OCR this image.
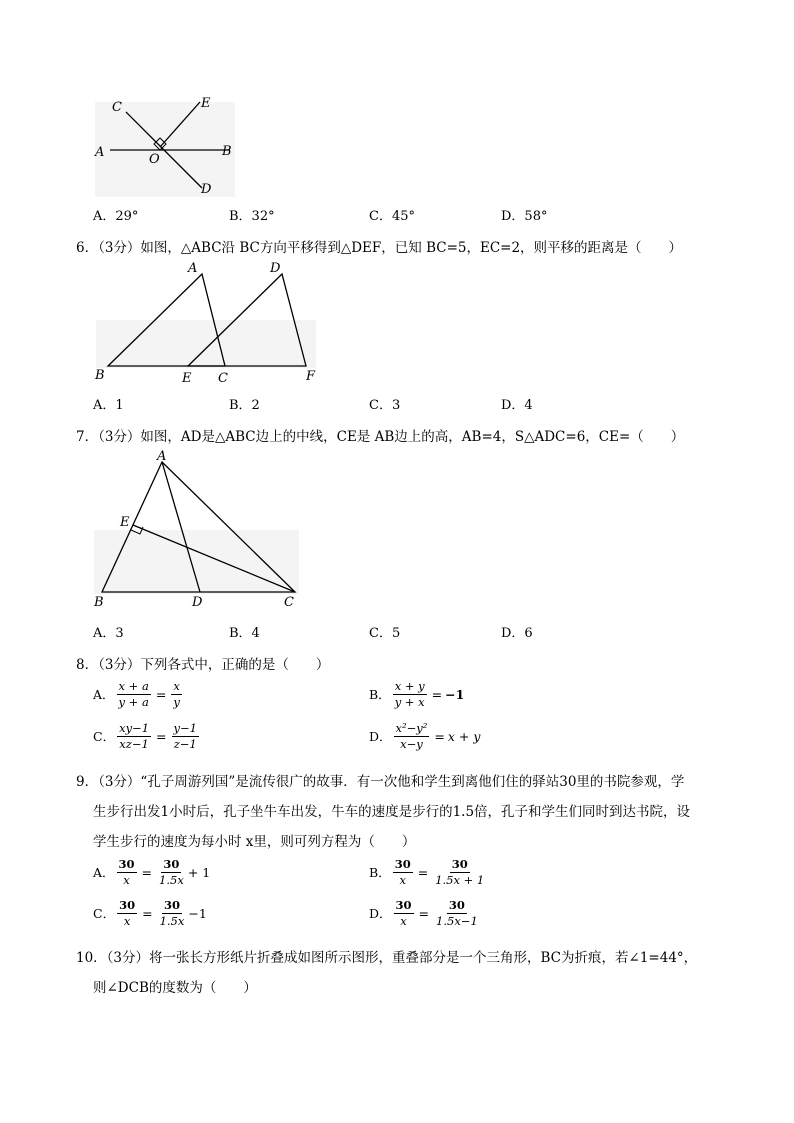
C	E
A	B
O
D
A．29°	B．32°	C．45°	D．58°
6．（3分）如图，△ABC沿 BC方向平移得到△DEF，已知 BC=5，EC=2，则平移的距离是（　　）
A	D
B	E C	F
A．1	B．2	C．3	D．4
7．（3分）如图，AD是△ABC边上的中线，CE是 AB边上的高，AB=4，S△ADC=6，CE=（　　）
A
E
B	D	C
A．3	B．4	C．5	D．6
8．（3分）下列各式中，正确的是（　　）
A． $\frac{x + a}{y + a} = \frac{x}{y}$	B． $\frac{x + y}{y + x} = -1$
C． $\frac{xy-1}{xz-1} = \frac{y-1}{z-1}$	D． $\frac{\text{x²−y²}}{x-y} = x + y$
9．（3分）“孔子周游列国”是流传很广的故事．有一次他和学生到离他们住的驿站30里的书院参观，学
生步行出发1小时后，孔子坐牛车出发，牛车的速度是步行的1.5倍，孔子和学生们同时到达书院，设
学生步行的速度为每小时 x里，则可列方程为（　　）
A． $\frac{30}{x} = \frac{30}{1.5x} + 1$	B． $\frac{30}{x} = \frac{30}{1.5x + 1}$
C． $\frac{30}{x} = \frac{30}{1.5x} -1$	D． $\frac{30}{x} = \frac{30}{1.5x-1}$
10．（3分）将一张长方形纸片折叠成如图所示图形，重叠部分是一个三角形，BC为折痕，若∠1=44°，
则∠DCB的度数为（　　）
